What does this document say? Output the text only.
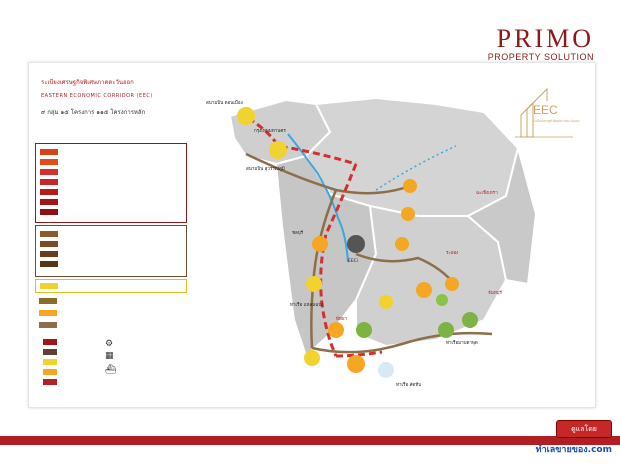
PRIMO
PROPERTY SOLUTION
ระเบียงเศรษฐกิจพิเศษภาคตะวันออก
EASTERN ECONOMIC CORRIDOR (EEC)
๙ กลุ่ม ๑๕ โครงการ ๑๑๕ โครงการหลัก
⚙
▦
⛴
EEC
ระเบียงเศรษฐกิจพิเศษภาคตะวันออก
สนามบิน ดอนเมือง
กรุงเทพมหานคร
สนามบิน สุวรรณภูมิ
ฉะเชิงเทรา
ท่าเรือ แหลมฉบัง
EECi
ท่าเรือมาบตาพุด
ท่าเรือ สัตหีบ
จันทบุรี
ระยอง
พัทยา
ชลบุรี
ดูแลโดย
ทำเลขายของ.com
